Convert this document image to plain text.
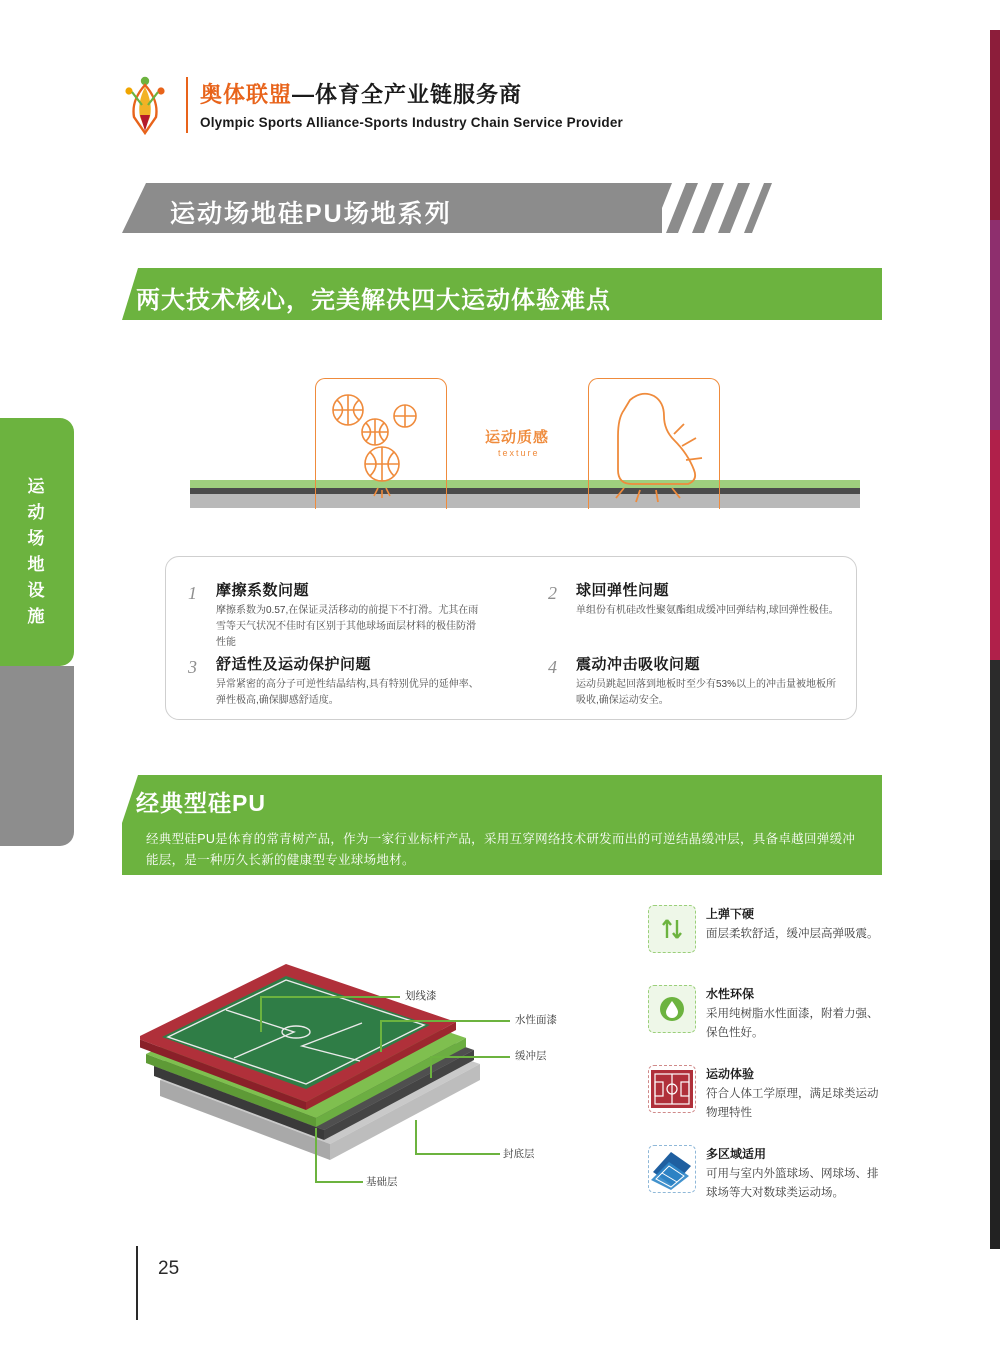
运
动
场
地
设
施
奥体联盟—体育全产业链服务商
Olympic Sports Alliance-Sports Industry Chain Service Provider
运动场地硅PU场地系列
两大技术核心，完美解决四大运动体验难点
运动质感
texture
1 摩擦系数问题
摩擦系数为0.57,在保证灵活移动的前提下不打滑。尤其在雨雪等天气状况不佳时有区别于其他球场面层材料的极佳防滑性能
2 球回弹性问题
单组份有机硅改性聚氨酯组成缓冲回弹结构,球回弹性极佳。
3 舒适性及运动保护问题
异常紧密的高分子可逆性结晶结构,具有特别优异的延伸率、弹性极高,确保脚感舒适度。
4 震动冲击吸收问题
运动员跳起回落到地板时至少有53%以上的冲击量被地板所吸收,确保运动安全。
经典型硅PU

经典型硅PU是体育的常青树产品，作为一家行业标杆产品，采用互穿网络技术研发而出的可逆结晶缓冲层，具备卓越回弹缓冲能层，是一种历久长新的健康型专业球场地材。

划线漆
水性面漆
缓冲层
封底层
基础层
上弹下硬
面层柔软舒适，缓冲层高弹吸震。
水性环保
采用纯树脂水性面漆，附着力强、保色性好。
运动体验
符合人体工学原理，满足球类运动物理特性
多区域适用
可用与室内外篮球场、网球场、排球场等大对数球类运动场。
25
